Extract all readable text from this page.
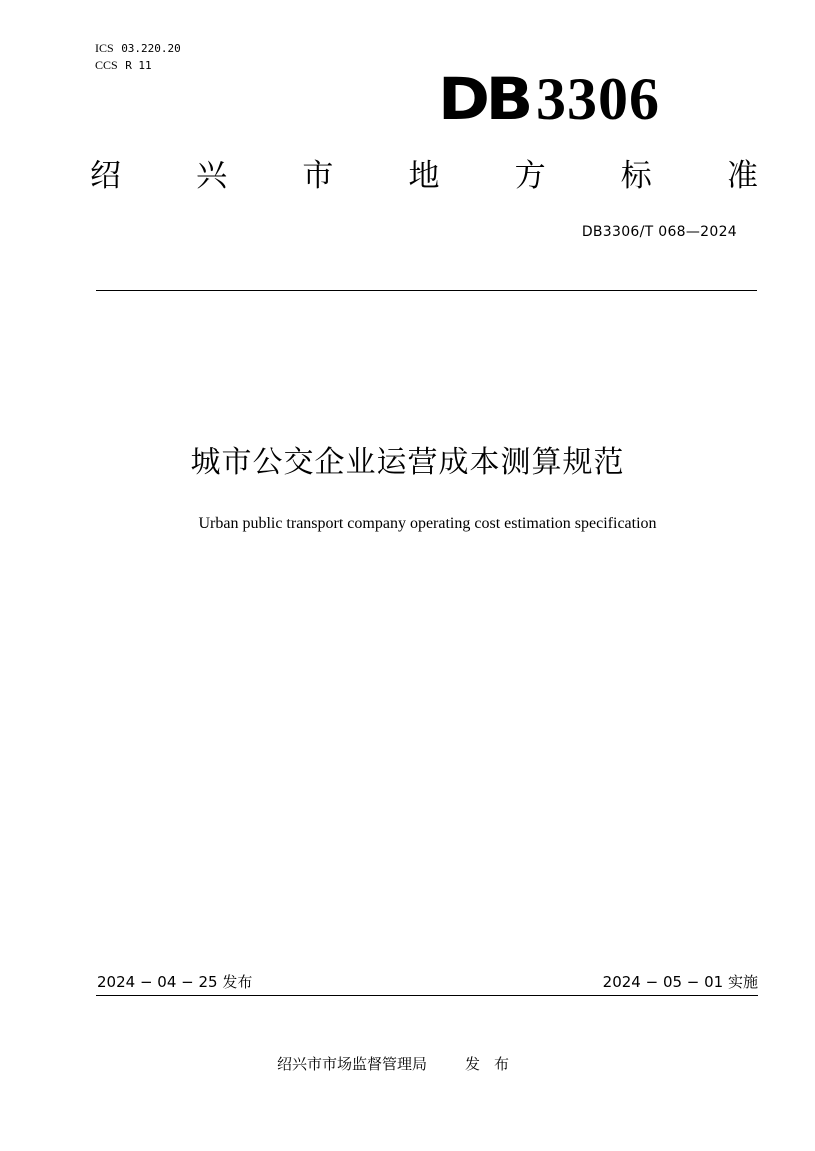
ICS 03.220.20
CCS R 11	DB 3306
绍 兴 市 地 方 标 准
DB3306/T 068—2024
城市公交企业运营成本测算规范
Urban public transport company operating cost estimation specification
2024 − 04 − 25 发布	2024 − 05 − 01 实施
绍兴市市场监督管理局	发布
